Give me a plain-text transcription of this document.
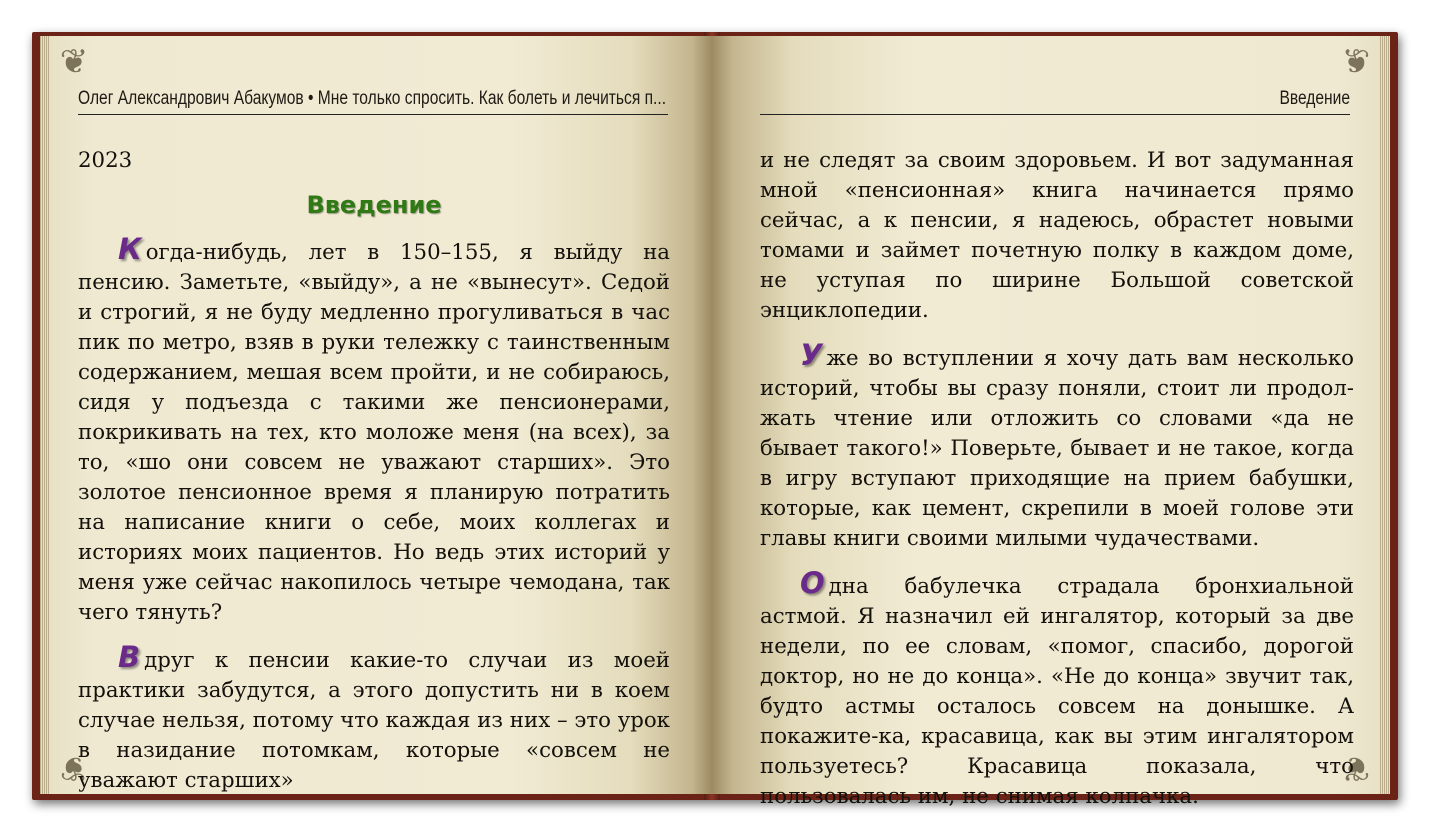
❦
❦
Олег Александрович Абакумов • Мне только спросить. Как болеть и лечиться п...
2023
Введение

К огда-нибудь, лет в 150–155, я выйду на пенсию. Заметьте, «выйду», а не «вынесут». Седой и строгий, я не буду медленно прогуливаться в час пик по метро, взяв в руки тележку с таинственным содержанием, мешая всем пройти, и не собираюсь, сидя у подъезда с такими же пенсионерами, покрикивать на тех, кто моложе меня (на всех), за то, «шо они совсем не уважают старших». Это золотое пенсионное время я планирую потратить на написание книги о себе, моих коллегах и историях моих пациентов. Но ведь этих историй у меня уже сейчас накопилось четыре чемодана, так чего тянуть?

В друг к пенсии какие-то случаи из моей практики забудутся, а этого допустить ни в коем случае нельзя, потому что каждая из них – это урок в назидание потомкам, которые «совсем не уважают старших»

❦
❦
Введение

и не следят за своим здоровьем. И вот задуманная мной «пенсионная» книга начинается прямо сейчас, а к пенсии, я надеюсь, обрастет новыми томами и займет почетную полку в каждом доме, не уступая по ширине Большой советской энциклопедии.

У же во вступлении я хочу дать вам несколько историй, чтобы вы сразу поняли, стоит ли продолжать чтение или отложить со словами «да не бывает такого!» Поверьте, бывает и не такое, когда в игру вступают приходящие на прием бабушки, которые, как цемент, скрепили в моей голове эти главы книги своими милыми чудачествами.

О дна бабулечка страдала бронхиальной астмой. Я назначил ей ингалятор, который за две недели, по ее словам, «помог, спасибо, дорогой доктор, но не до конца». «Не до конца» звучит так, будто астмы осталось совсем на донышке. А покажите-ка, красавица, как вы этим ингалятором пользуетесь? Красавица показала, что пользовалась им, не снимая колпачка.
